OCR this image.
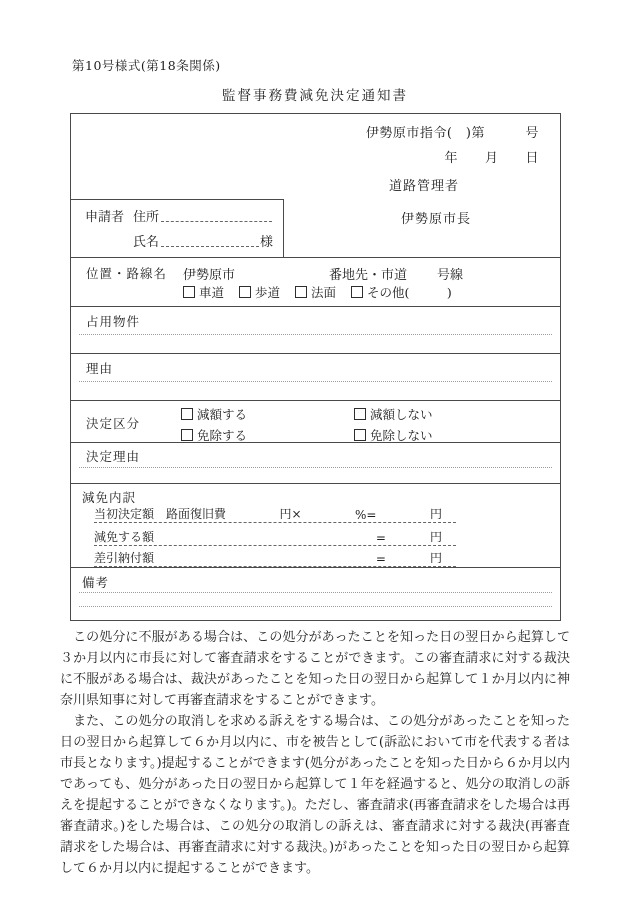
第10号様式(第18条関係)
監督事務費減免決定通知書
伊勢原市指令(　)第　　　号
年　　月　　日
道路管理者
申請者 住所
氏名	様
伊勢原市長
位置・路線名 伊勢原市	番地先・市道 号線
車道	歩道	法面	その他(　　　)
占用物件
理由
決定区分
減額する	減額しない
免除する	免除しない
決定理由
減免内訳
当初決定額 路面復旧費	円×	%=	円
減免する額	=	円
差引納付額	=	円
備考

　この処分に不服がある場合は、この処分があったことを知った日の翌日から起算して ３か月以内に市長に対して審査請求をすることができます。この審査請求に対する裁決に不服がある場合は、裁決があったことを知った日の翌日から起算して１か月以内に神奈川県知事に対して再審査請求をすることができます。

　また、この処分の取消しを求める訴えをする場合は、この処分があったことを知った日の翌日から起算して６か月以内に、市を被告として(訴訟において市を代表する者は市長となります。)提起することができます(処分があったことを知った日から６か月以内であっても、処分があった日の翌日から起算して１年を経過すると、処分の取消しの訴えを提起することができなくなります。)。ただし、審査請求(再審査請求をした場合は再審査請求。)をした場合は、この処分の取消しの訴えは、審査請求に対する裁決(再審査請求をした場合は、再審査請求に対する裁決。)があったことを知った日の翌日から起算して６か月以内に提起することができます。
